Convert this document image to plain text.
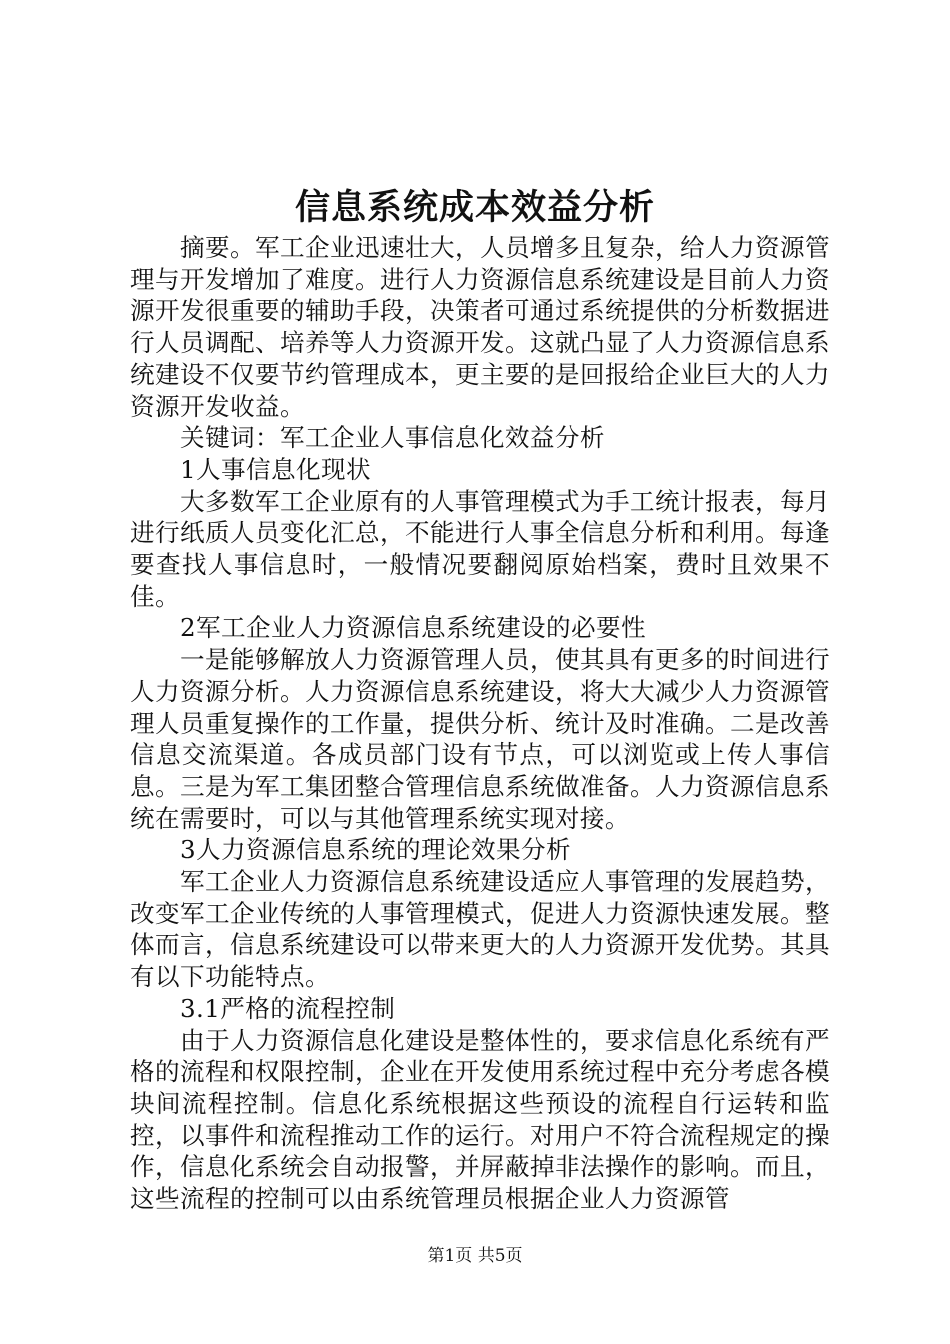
信息系统成本效益分析

摘要。军工企业迅速壮大，人员增多且复杂，给人力资源管理与开发增加了难度。进行人力资源信息系统建设是目前人力资源开发很重要的辅助手段，决策者可通过系统提供的分析数据进行人员调配、培养等人力资源开发。这就凸显了人力资源信息系统建设不仅要节约管理成本，更主要的是回报给企业巨大的人力资源开发收益。

关键词：军工企业人事信息化效益分析

1人事信息化现状

大多数军工企业原有的人事管理模式为手工统计报表，每月进行纸质人员变化汇总，不能进行人事全信息分析和利用。每逢要查找人事信息时，一般情况要翻阅原始档案，费时且效果不佳。

2军工企业人力资源信息系统建设的必要性

一是能够解放人力资源管理人员，使其具有更多的时间进行人力资源分析。人力资源信息系统建设，将大大减少人力资源管理人员重复操作的工作量，提供分析、统计及时准确。二是改善信息交流渠道。各成员部门设有节点，可以浏览或上传人事信息。三是为军工集团整合管理信息系统做准备。人力资源信息系统在需要时，可以与其他管理系统实现对接。

3人力资源信息系统的理论效果分析

军工企业人力资源信息系统建设适应人事管理的发展趋势，改变军工企业传统的人事管理模式，促进人力资源快速发展。整体而言，信息系统建设可以带来更大的人力资源开发优势。其具有以下功能特点。

3.1严格的流程控制

由于人力资源信息化建设是整体性的，要求信息化系统有严格的流程和权限控制，企业在开发使用系统过程中充分考虑各模块间流程控制。信息化系统根据这些预设的流程自行运转和监控，以事件和流程推动工作的运行。对用户不符合流程规定的操作，信息化系统会自动报警，并屏蔽掉非法操作的影响。而且，这些流程的控制可以由系统管理员根据企业人力资源管

第1页 共5页
